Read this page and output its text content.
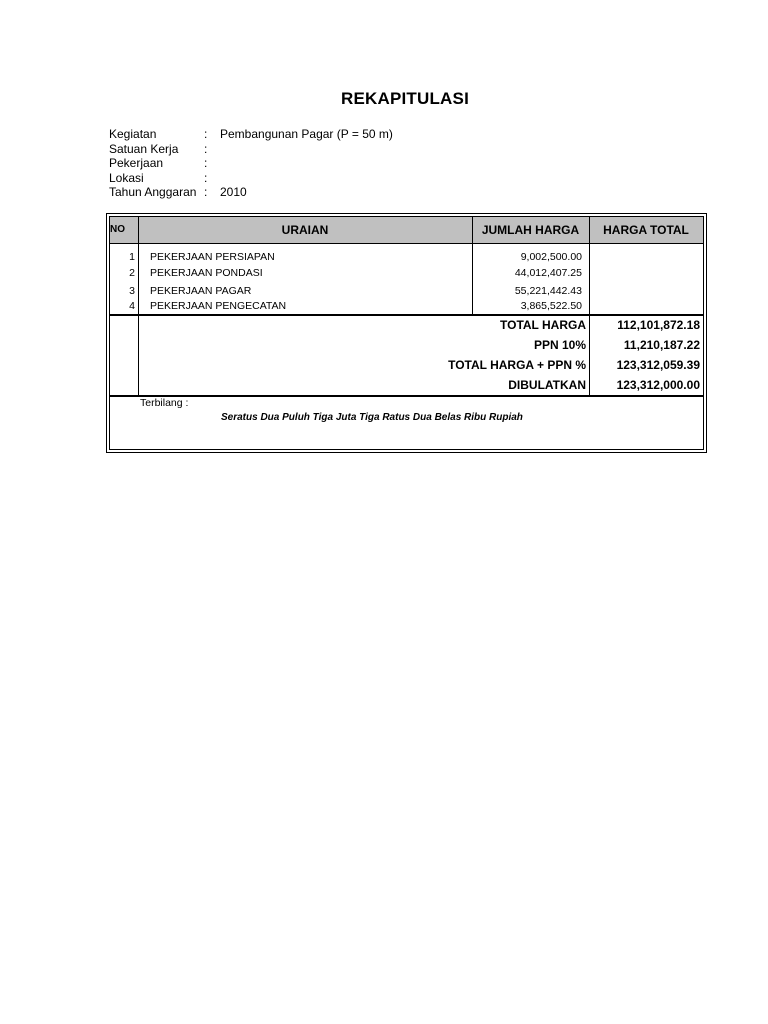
REKAPITULASI
Kegiatan	: Pembangunan Pagar (P = 50 m)
Satuan Kerja :
Pekerjaan	:
Lokasi	:
Tahun Anggaran : 2010
NO	URAIAN	JUMLAH HARGA	HARGA TOTAL
1 PEKERJAAN PERSIAPAN	9,002,500.00
2 PEKERJAAN PONDASI	44,012,407.25
3 PEKERJAAN PAGAR	55,221,442.43
4 PEKERJAAN PENGECATAN	3,865,522.50
TOTAL HARGA	112,101,872.18
PPN 10%	11,210,187.22
TOTAL HARGA + PPN %	123,312,059.39
DIBULATKAN	123,312,000.00
Terbilang :
Seratus Dua Puluh Tiga Juta Tiga Ratus Dua Belas Ribu Rupiah
